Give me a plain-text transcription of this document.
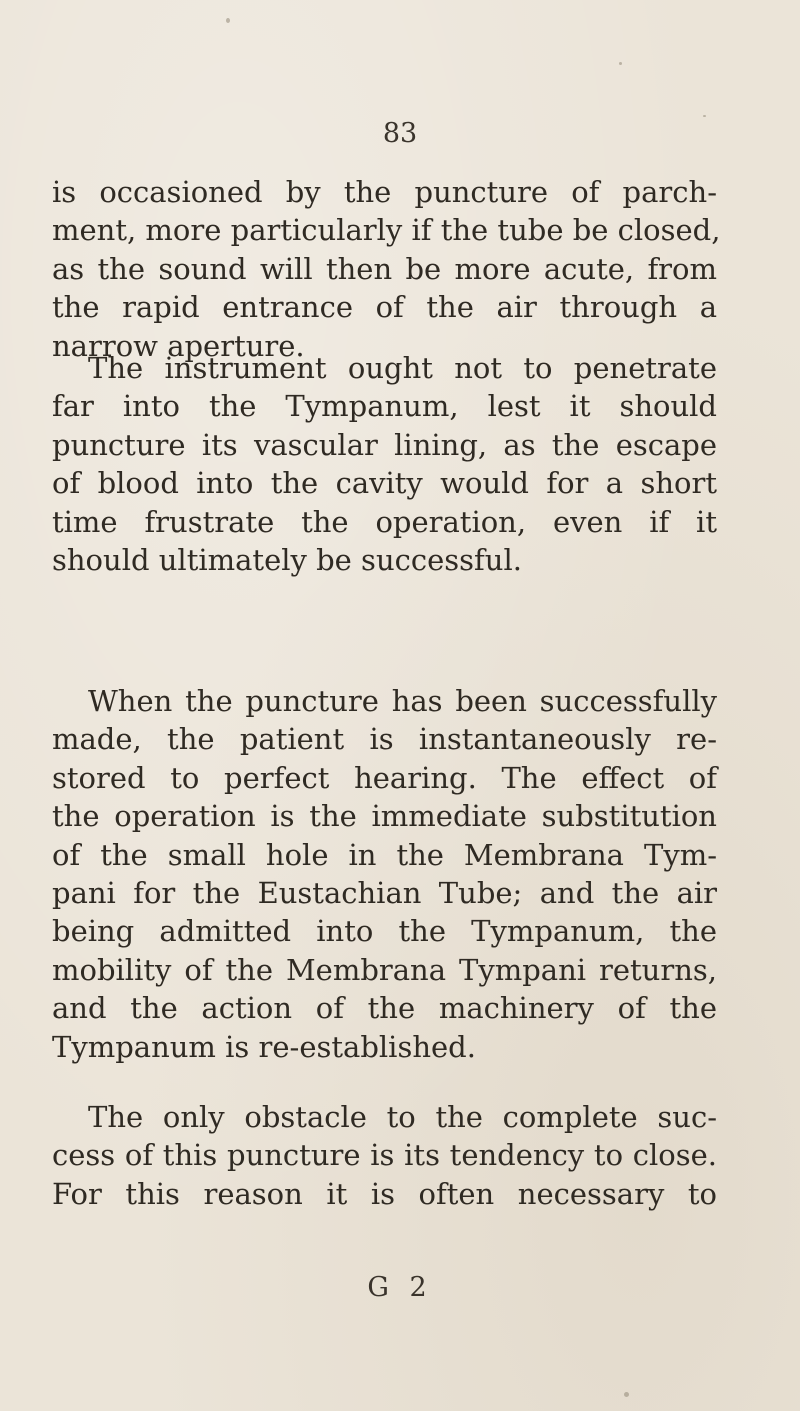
83
is occasioned by the puncture of parch-
ment, more particularly if the tube be closed,
as the sound will then be more acute, from
the rapid entrance of the air through a
narrow aperture.
The instrument ought not to penetrate
far into the Tympanum, lest it should
puncture its vascular lining, as the escape
of blood into the cavity would for a short
time frustrate the operation, even if it
should ultimately be successful.
When the puncture has been successfully
made, the patient is instantaneously re-
stored to perfect hearing. The effect of
the operation is the immediate substitution
of the small hole in the Membrana Tym-
pani for the Eustachian Tube; and the air
being admitted into the Tympanum, the
mobility of the Membrana Tympani returns,
and the action of the machinery of the
Tympanum is re-established.
The only obstacle to the complete suc-
cess of this puncture is its tendency to close.
For this reason it is often necessary to
G 2
